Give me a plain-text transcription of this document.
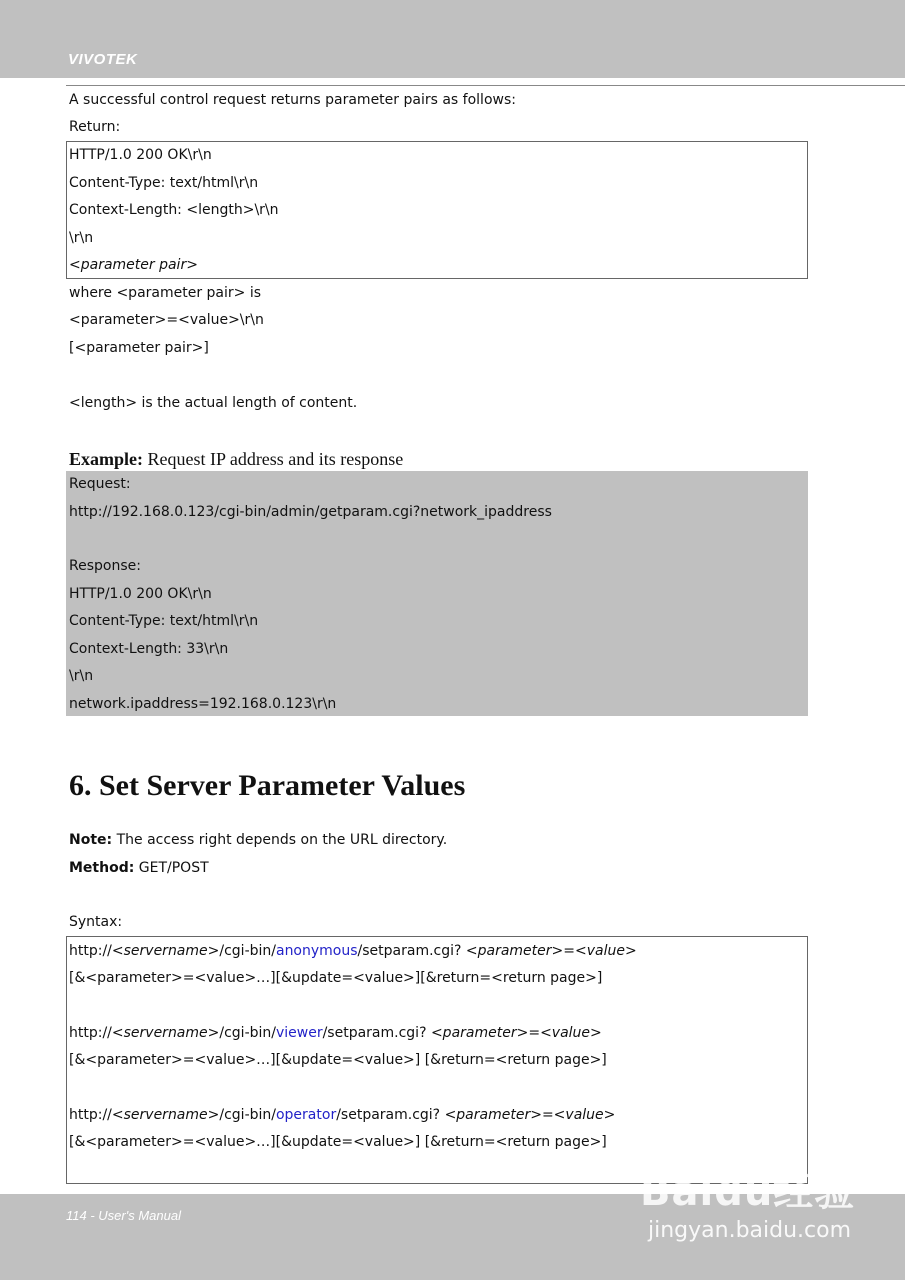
VIVOTEK
A successful control request returns parameter pairs as follows:
Return:
HTTP/1.0 200 OK\r\n
Content-Type: text/html\r\n
Context-Length: <length>\r\n
\r\n
<parameter pair>
where <parameter pair> is
<parameter>=<value>\r\n
[<parameter pair>]
<length> is the actual length of content.
Example: Request IP address and its response
Request:
http://192.168.0.123/cgi-bin/admin/getparam.cgi?network_ipaddress
Response:
HTTP/1.0 200 OK\r\n
Content-Type: text/html\r\n
Context-Length: 33\r\n
\r\n
network.ipaddress=192.168.0.123\r\n
6. Set Server Parameter Values
Note: The access right depends on the URL directory.
Method: GET/POST
Syntax:
http://<servername>/cgi-bin/anonymous/setparam.cgi? <parameter>=<value>
[&<parameter>=<value>…][&update=<value>][&return=<return page>]
http://<servername>/cgi-bin/viewer/setparam.cgi? <parameter>=<value>
[&<parameter>=<value>…][&update=<value>] [&return=<return page>]
http://<servername>/cgi-bin/operator/setparam.cgi? <parameter>=<value>
[&<parameter>=<value>…][&update=<value>] [&return=<return page>]
114 - User's Manual
Baidu经验
jingyan.baidu.com
